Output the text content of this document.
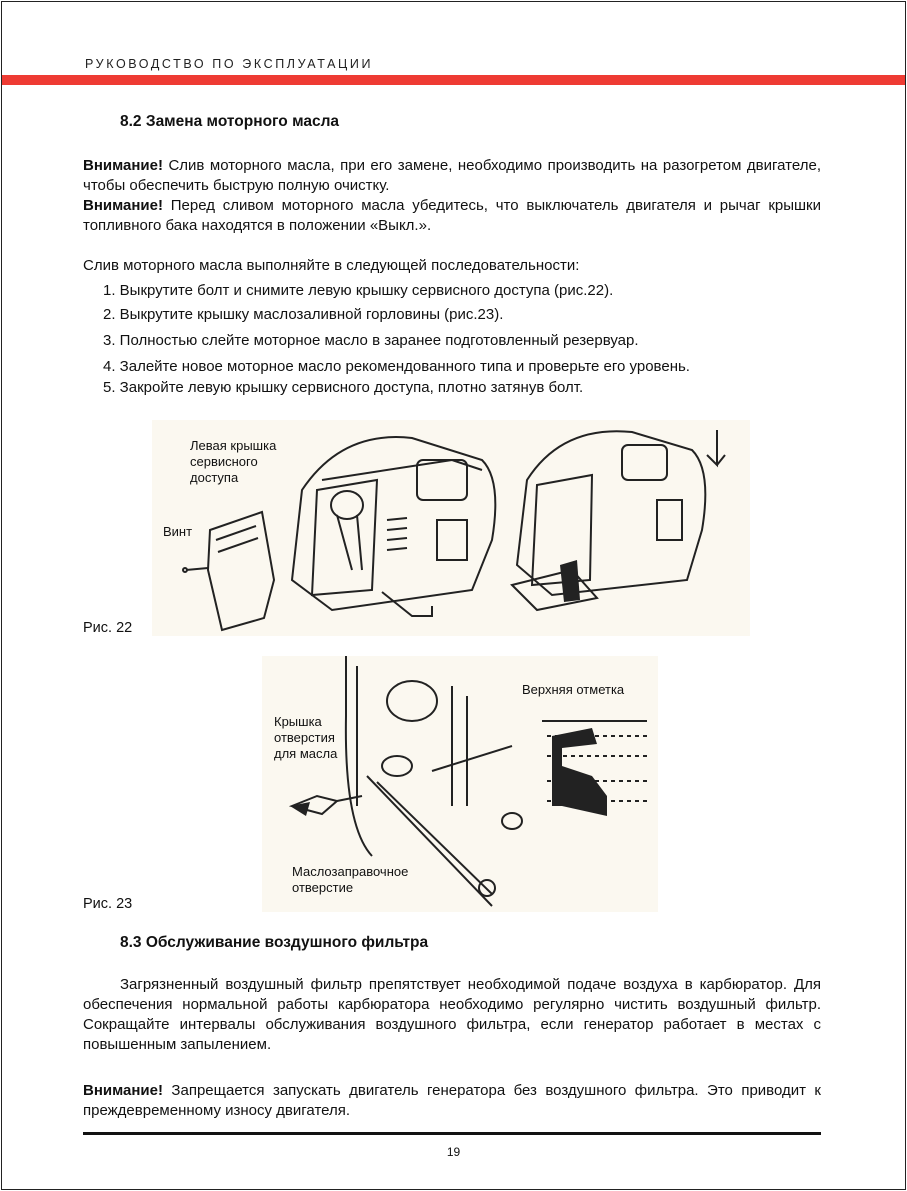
РУКОВОДСТВО ПО ЭКСПЛУАТАЦИИ
8.2 Замена моторного масла
Внимание! Слив моторного масла, при его замене, необходимо производить на разогретом двигателе, чтобы обеспечить быструю полную очистку.
Внимание! Перед сливом моторного масла убедитесь, что выключатель двигателя и рычаг крышки топливного бака находятся в положении «Выкл.».
Слив моторного масла выполняйте в следующей последовательности:
1. Выкрутите болт и снимите левую крышку сервисного доступа (рис.22).
2. Выкрутите крышку маслозаливной горловины (рис.23).
3. Полностью слейте моторное масло в заранее подготовленный резервуар.
4. Залейте новое моторное масло рекомендованного типа и проверьте его уровень.
5. Закройте левую крышку сервисного доступа, плотно затянув болт.
Левая крышка
сервисного
доступа
Винт
Рис. 22
Верхняя отметка
Крышка
отверстия
для масла
Маслозаправочное
отверстие
Рис. 23
8.3 Обслуживание воздушного фильтра
Загрязненный воздушный фильтр препятствует необходимой подаче воздуха в карбюратор. Для обеспечения нормальной работы карбюратора необходимо регулярно чистить воздушный фильтр. Сокращайте интервалы обслуживания воздушного фильтра, если генератор работает в местах с повышенным запылением.
Внимание! Запрещается запускать двигатель генератора без воздушного фильтра. Это приводит к преждевременному износу двигателя.
19
